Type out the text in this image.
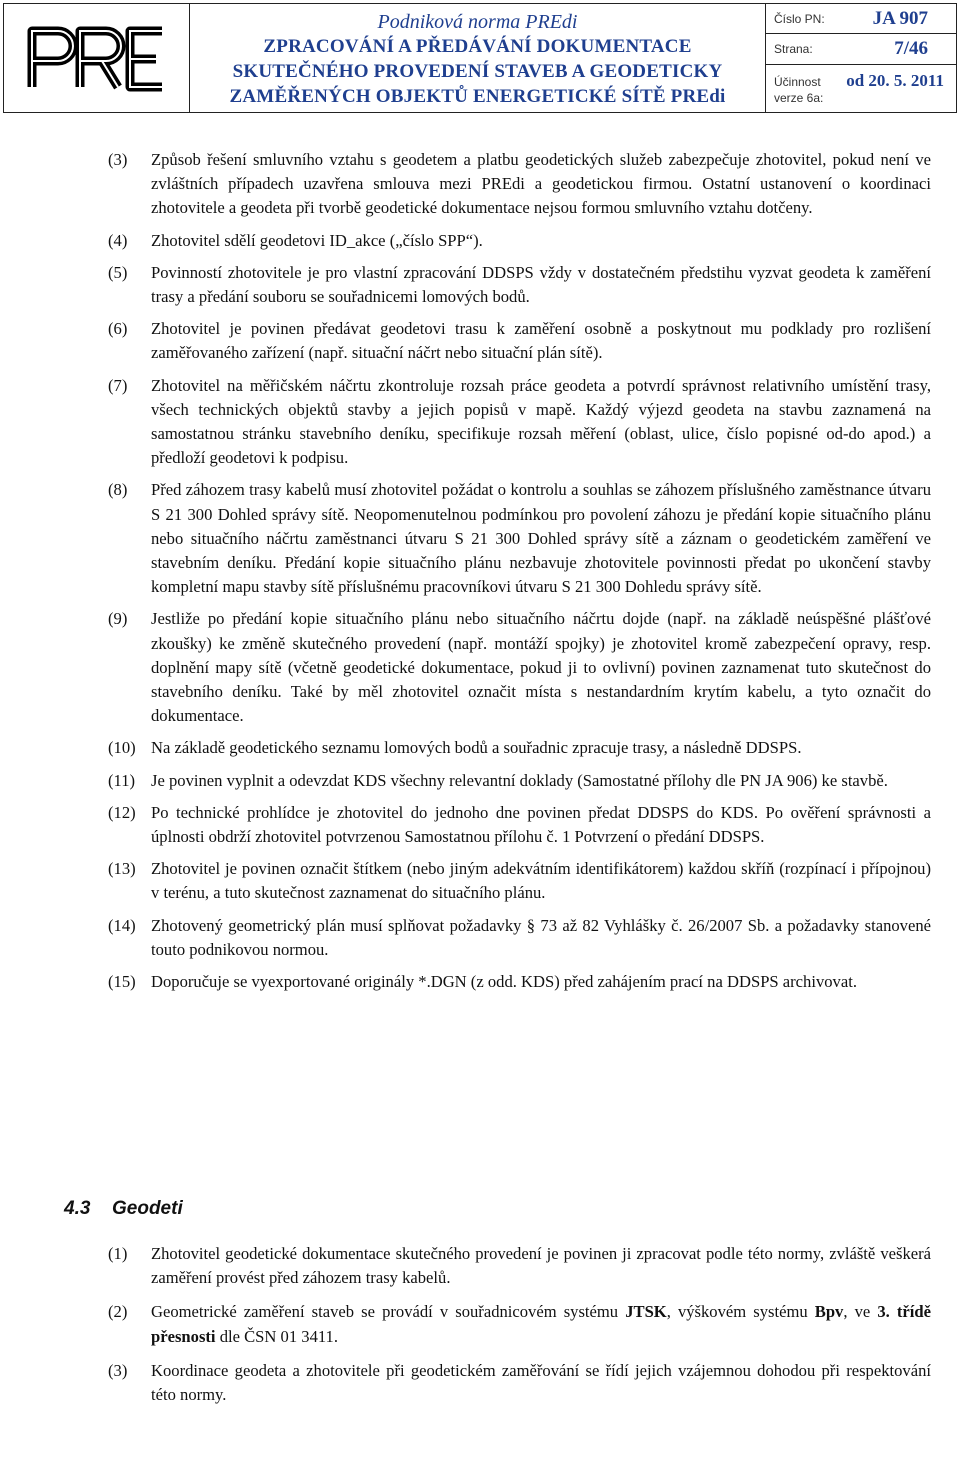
Podniková norma PREdi
ZPRACOVÁNÍ A PŘEDÁVÁNÍ DOKUMENTACE
SKUTEČNÉHO PROVEDENÍ STAVEB A GEODETICKY
ZAMĚŘENÝCH OBJEKTŮ ENERGETICKÉ SÍTĚ PREdi
Číslo PN:	JA 907
Strana:	7/46
Účinnost	od 20. 5. 2011
verze 6a:
(3)	Způsob řešení smluvního vztahu s geodetem a platbu geodetických služeb zabezpečuje zhotovitel, pokud není ve zvláštních případech uzavřena smlouva mezi PREdi a geodetickou firmou. Ostatní ustanovení o koordinaci zhotovitele a geodeta při tvorbě geodetické dokumentace nejsou formou smluvního vztahu dotčeny.
(4)	Zhotovitel sdělí geodetovi ID_akce („číslo SPP“).
(5)	Povinností zhotovitele je pro vlastní zpracování DDSPS vždy v dostatečném předstihu vyzvat geodeta k zaměření trasy a předání souboru se souřadnicemi lomových bodů.
(6)	Zhotovitel je povinen předávat geodetovi trasu k zaměření osobně a poskytnout mu podklady pro rozlišení zaměřovaného zařízení (např. situační náčrt nebo situační plán sítě).
(7)	Zhotovitel na měřičském náčrtu zkontroluje rozsah práce geodeta a potvrdí správnost relativního umístění trasy, všech technických objektů stavby a jejich popisů v mapě. Každý výjezd geodeta na stavbu zaznamená na samostatnou stránku stavebního deníku, specifikuje rozsah měření (oblast, ulice, číslo popisné od-do apod.) a předloží geodetovi k podpisu.
(8)	Před záhozem trasy kabelů musí zhotovitel požádat o kontrolu a souhlas se záhozem příslušného zaměstnance útvaru S 21 300 Dohled správy sítě. Neopomenutelnou podmínkou pro povolení záhozu je předání kopie situačního plánu nebo situačního náčrtu zaměstnanci útvaru S 21 300 Dohled správy sítě a záznam o geodetickém zaměření ve stavebním deníku. Předání kopie situačního plánu nezbavuje zhotovitele povinnosti předat po ukončení stavby kompletní mapu stavby sítě příslušnému pracovníkovi útvaru S 21 300 Dohledu správy sítě.
(9)	Jestliže po předání kopie situačního plánu nebo situačního náčrtu dojde (např. na základě neúspěšné plášťové zkoušky) ke změně skutečného provedení (např. montáží spojky) je zhotovitel kromě zabezpečení opravy, resp. doplnění mapy sítě (včetně geodetické dokumentace, pokud ji to ovlivní) povinen zaznamenat tuto skutečnost do stavebního deníku. Také by měl zhotovitel označit místa s nestandardním krytím kabelu, a tyto označit do dokumentace.
(10) Na základě geodetického seznamu lomových bodů a souřadnic zpracuje trasy, a následně DDSPS.
(11) Je povinen vyplnit a odevzdat KDS všechny relevantní doklady (Samostatné přílohy dle PN JA 906) ke stavbě.
(12) Po technické prohlídce je zhotovitel do jednoho dne povinen předat DDSPS do KDS. Po ověření správnosti a úplnosti obdrží zhotovitel potvrzenou Samostatnou přílohu č. 1 Potvrzení o předání DDSPS.
(13) Zhotovitel je povinen označit štítkem (nebo jiným adekvátním identifikátorem) každou skříň (rozpínací i přípojnou) v terénu, a tuto skutečnost zaznamenat do situačního plánu.
(14) Zhotovený geometrický plán musí splňovat požadavky § 73 až 82 Vyhlášky č. 26/2007 Sb. a požadavky stanovené touto podnikovou normou.
(15) Doporučuje se vyexportované originály *.DGN (z odd. KDS) před zahájením prací na DDSPS archivovat.
4.3 Geodeti
(1)	Zhotovitel geodetické dokumentace skutečného provedení je povinen ji zpracovat podle této normy, zvláště veškerá zaměření provést před záhozem trasy kabelů.
(2)	Geometrické zaměření staveb se provádí v souřadnicovém systému JTSK, výškovém systému Bpv, ve 3. třídě přesnosti dle ČSN 01 3411.
(3)	Koordinace geodeta a zhotovitele při geodetickém zaměřování se řídí jejich vzájemnou dohodou při respektování této normy.
